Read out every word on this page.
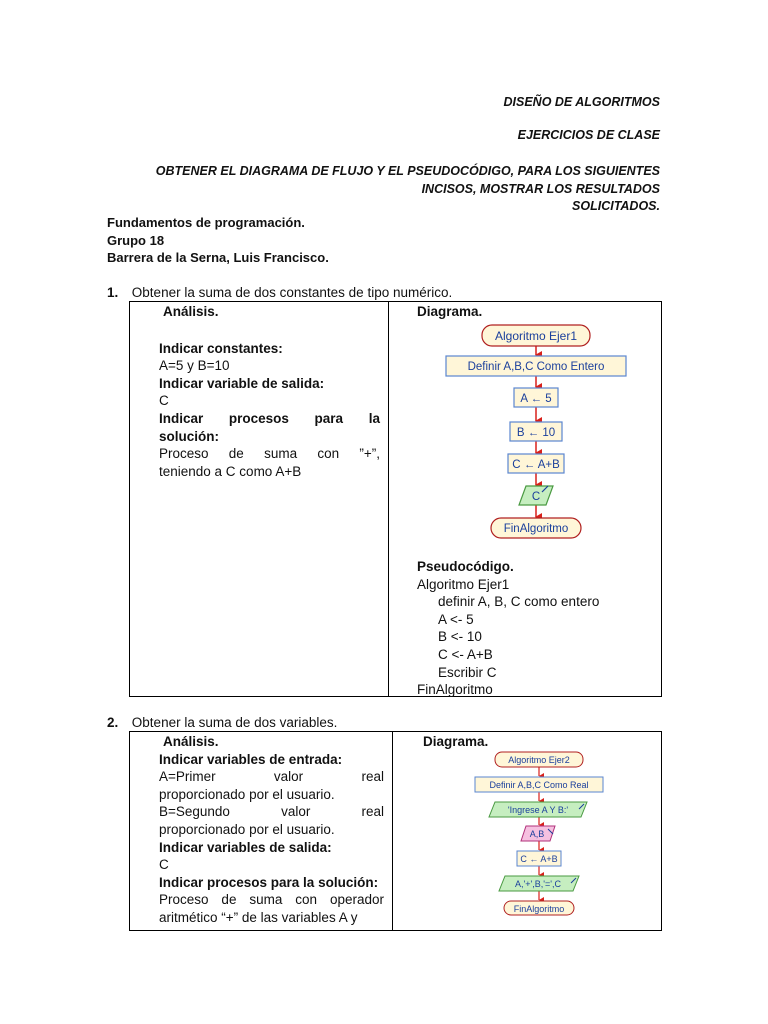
DISEÑO DE ALGORITMOS
EJERCICIOS DE CLASE
OBTENER EL DIAGRAMA DE FLUJO Y EL PSEUDOCÓDIGO, PARA LOS SIGUIENTES
INCISOS, MOSTRAR LOS RESULTADOS
SOLICITADOS.
Fundamentos de programación.
Grupo 18
Barrera de la Serna, Luis Francisco.
1. Obtener la suma de dos constantes de tipo numérico.
Análisis.
Indicar constantes:
A=5 y B=10
Indicar variable de salida:
C
Indicar procesos para la
solución:
Proceso de suma con ”+”,
teniendo a C como A+B

Diagrama.
Algoritmo Ejer1
Definir A,B,C Como Entero
A ← 5
B ← 10
C ← A+B
C
FinAlgoritmo
Pseudocódigo.
Algoritmo Ejer1
definir A, B, C como entero
A <- 5
B <- 10
C <- A+B
Escribir C
FinAlgoritmo
2. Obtener la suma de dos variables.
Análisis.
Indicar variables de entrada:
A=Primer	valor	real
proporcionado por el usuario.
B=Segundo	valor	real
proporcionado por el usuario.
Indicar variables de salida:
C
Indicar procesos para la solución:
Proceso de suma con operador
aritmético “+” de las variables A y

Diagrama.
Algoritmo Ejer2
Definir A,B,C Como Real
'Ingrese A Y B:'
A,B
C ← A+B
A,'+',B,'=',C
FinAlgoritmo
